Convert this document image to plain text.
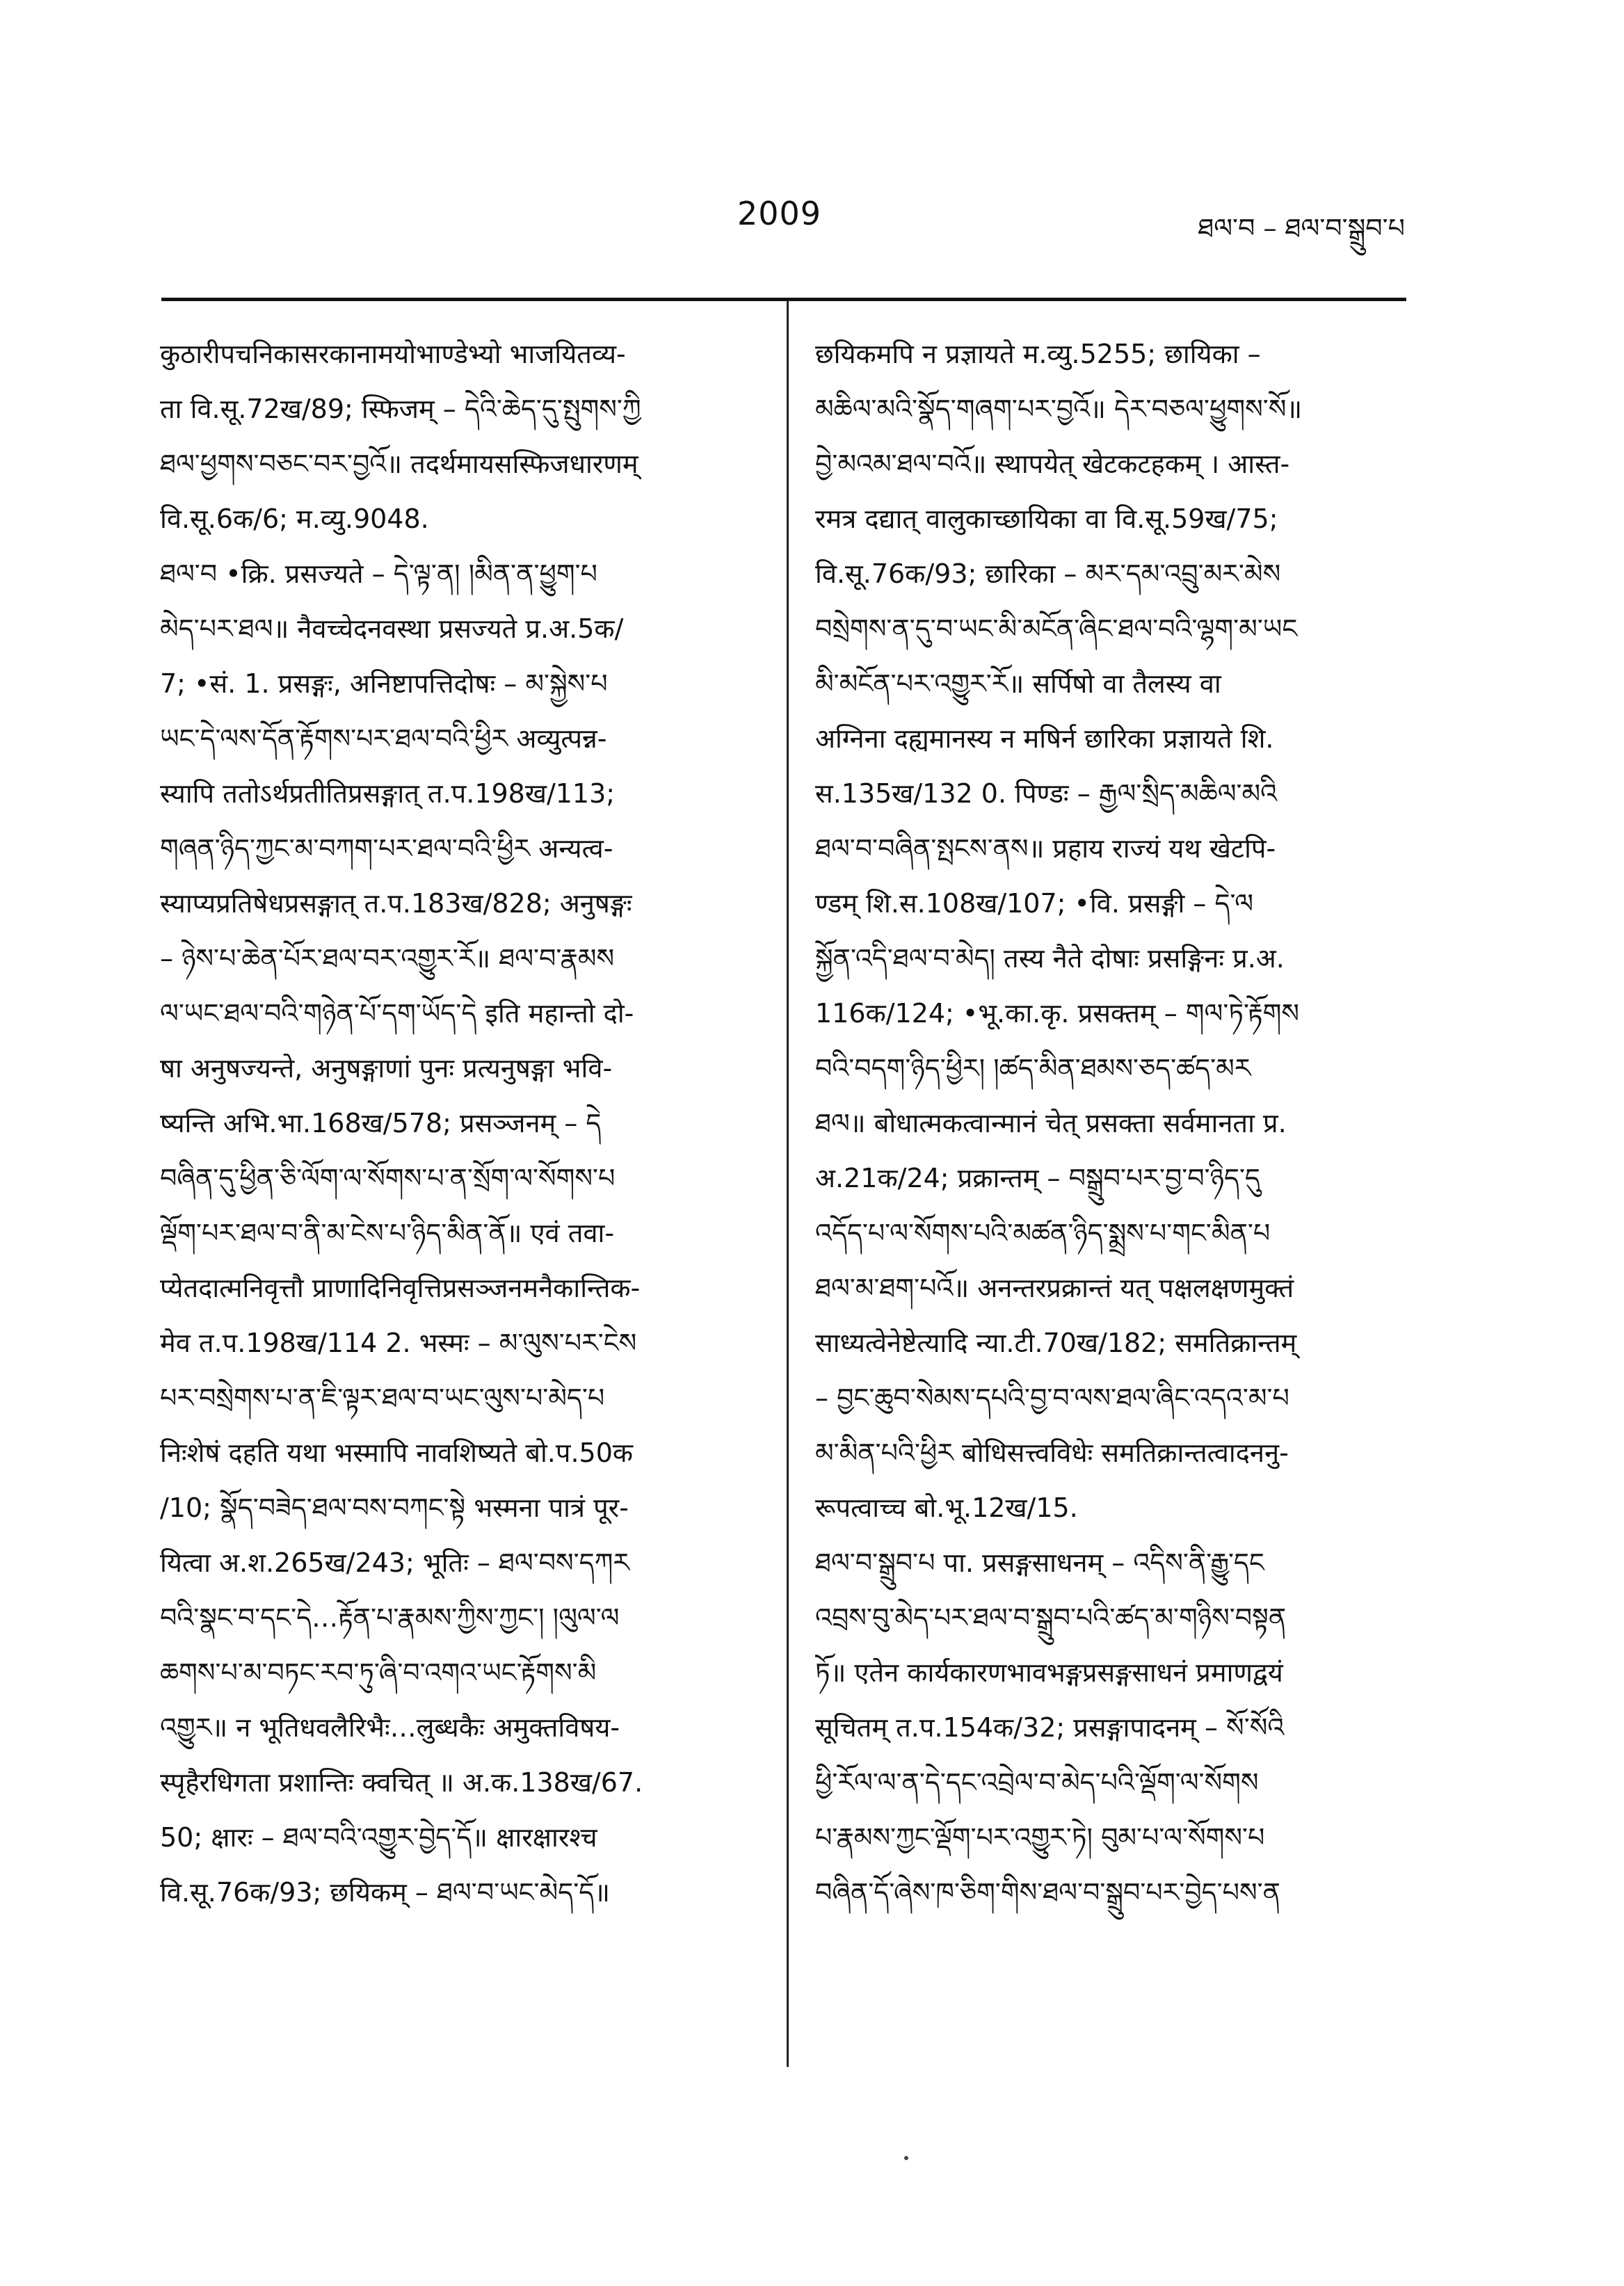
2009	ཐལ་བ – ཐལ་བ་སྒྲུབ་པ
कुठारीपचनिकासरकानामयोभाण्डेभ्यो भाजयितव्य-
ता वि.सू.72ख/89; स्फिजम् – དེའི་ཆེད་དུ་སྤུགས་ཀྱི
ཐལ་ཕྱགས་བཅང་བར་བྱའོ॥ तदर्थमायसस्फिजधारणम्
वि.सू.6क/6; म.व्यु.9048.
ཐལ་བ •क्रि. प्रसज्यते – དེ་ལྟ་ན། །མིན་ན་ཕྱུག་པ
མེད་པར་ཐལ॥ नैवच्चेदनवस्था प्रसज्यते प्र.अ.5क/
7; •सं. 1. प्रसङ्गः, अनिष्टापत्तिदोषः – མ་སྐྱེས་པ
ཡང་དེ་ལས་དོན་རྟོགས་པར་ཐལ་བའི་ཕྱིར अव्युत्पन्न-
स्यापि ततोऽर्थप्रतीतिप्रसङ्गात् त.प.198ख/113;
གཞན་ཉིད་ཀྱང་མ་བཀག་པར་ཐལ་བའི་ཕྱིར अन्यत्व-
स्याप्यप्रतिषेधप्रसङ्गात् त.प.183ख/828; अनुषङ्गः
– ཉེས་པ་ཆེན་པོར་ཐལ་བར་འགྱུར་རོ॥ ཐལ་བ་རྣམས
ལ་ཡང་ཐལ་བའི་གཉེན་པོ་དག་ཡོད་དེ इति महान्तो दो-
षा अनुषज्यन्ते, अनुषङ्गाणां पुनः प्रत्यनुषङ्गा भवि-
ष्यन्ति अभि.भा.168ख/578; प्रसञ्जनम् – དེ
བཞིན་དུ་ཕྱིན་ཅི་ལོག་ལ་སོགས་པ་ན་སྲོག་ལ་སོགས་པ
ལྡོག་པར་ཐལ་བ་ནི་མ་ངེས་པ་ཉིད་མིན་ནོ॥ एवं तवा-
प्येतदात्मनिवृत्तौ प्राणादिनिवृत्तिप्रसञ्जनमनैकान्तिक-
मेव त.प.198ख/114 2. भस्मः – མ་ལུས་པར་ངེས
པར་བསྲེགས་པ་ན་ཇི་ལྟར་ཐལ་བ་ཡང་ལུས་པ་མེད་པ
निःशेषं दहति यथा भस्मापि नावशिष्यते बो.प.50क
/10; སྣོད་བཟེད་ཐལ་བས་བཀང་སྟེ भस्मना पात्रं पूर-
यित्वा अ.श.265ख/243; भूतिः – ཐལ་བས་དཀར
བའི་སྣང་བ་དང་དེ…རྟོན་པ་རྣམས་ཀྱིས་ཀྱང་། །ལུལ་ལ
ཆགས་པ་མ་བཏང་རབ་ཏུ་ཞི་བ་འགའ་ཡང་རྟོགས་མི
འགྱུར॥ न भूतिधवलैरिभैः…लुब्धकैः अमुक्तविषय-
स्पृहैरधिगता प्रशान्तिः क्वचित् ॥ अ.क.138ख/67.
50; क्षारः – ཐལ་བའི་འགྱུར་བྱེད་དོ॥ क्षारक्षारश्च
वि.सू.76क/93; छयिकम् – ཐལ་བ་ཡང་མེད་དོ॥
छयिकमपि न प्रज्ञायते म.व्यु.5255; छायिका –
མཆིལ་མའི་སྣོད་གཞག་པར་བྱའོ॥ དེར་བཅལ་ཕྱུགས་སོ॥
བྱེ་མའམ་ཐལ་བའོ॥ स्थापयेत् खेटकटहकम् । आस्त-
रमत्र दद्यात् वालुकाच्छायिका वा वि.सू.59ख/75;
वि.सू.76क/93; छारिका – མར་དམ་འབྲུ་མར་མེས
བསྲེགས་ན་དུ་བ་ཡང་མི་མངོན་ཞིང་ཐལ་བའི་ལྷག་མ་ཡང
མི་མངོན་པར་འགྱུར་རོ॥ सर्पिषो वा तैलस्य वा
अग्निना दह्यमानस्य न मषिर्न छारिका प्रज्ञायते शि.
स.135ख/132 0. पिण्डः – རྒྱལ་སྲིད་མཆིལ་མའི
ཐལ་བ་བཞིན་སྤངས་ནས॥ प्रहाय राज्यं यथ खेटपि-
ण्डम् शि.स.108ख/107; •वि. प्रसङ्गी – དེ་ལ
སྐྱོན་འདི་ཐལ་བ་མེད། तस्य नैते दोषाः प्रसङ्गिनः प्र.अ.
116क/124; •भू.का.कृ. प्रसक्तम् – གལ་ཏེ་རྟོགས
བའི་བདག་ཉིད་ཕྱིར། །ཚད་མིན་ཐམས་ཅད་ཚད་མར
ཐལ॥ बोधात्मकत्वान्मानं चेत् प्रसक्ता सर्वमानता प्र.
अ.21क/24; प्रक्रान्तम् – བསྒྲུབ་པར་བྱ་བ་ཉིད་དུ
འདོད་པ་ལ་སོགས་པའི་མཚན་ཉིད་སྨྲས་པ་གང་མིན་པ
ཐལ་མ་ཐག་པའོ॥ अनन्तरप्रक्रान्तं यत् पक्षलक्षणमुक्तं
साध्यत्वेनेष्टेत्यादि न्या.टी.70ख/182; समतिक्रान्तम्
– བྱང་ཆུབ་སེམས་དཔའི་བྱ་བ་ལས་ཐལ་ཞིང་འདའ་མ་པ
མ་མིན་པའི་ཕྱིར बोधिसत्त्वविधेः समतिक्रान्तत्वादननु-
रूपत्वाच्च बो.भू.12ख/15.
ཐལ་བ་སྒྲུབ་པ पा. प्रसङ्गसाधनम् – འདིས་ནི་རྒྱུ་དང
འབྲས་བུ་མེད་པར་ཐལ་བ་སྒྲུབ་པའི་ཚད་མ་གཉིས་བསྟན
ཏོ॥ एतेन कार्यकारणभावभङ्गप्रसङ्गसाधनं प्रमाणद्वयं
सूचितम् त.प.154क/32; प्रसङ्गापादनम् – སོ་སོའི
ཕྱི་རོལ་ལ་ན་དེ་དང་འབྲེལ་བ་མེད་པའི་ལྡོག་ལ་སོགས
པ་རྣམས་ཀྱང་ལྡོག་པར་འགྱུར་ཏེ། བུམ་པ་ལ་སོགས་པ
བཞིན་དོ་ཞེས་ཁ་ཅིག་གིས་ཐལ་བ་སྒྲུབ་པར་བྱེད་པས་ན
